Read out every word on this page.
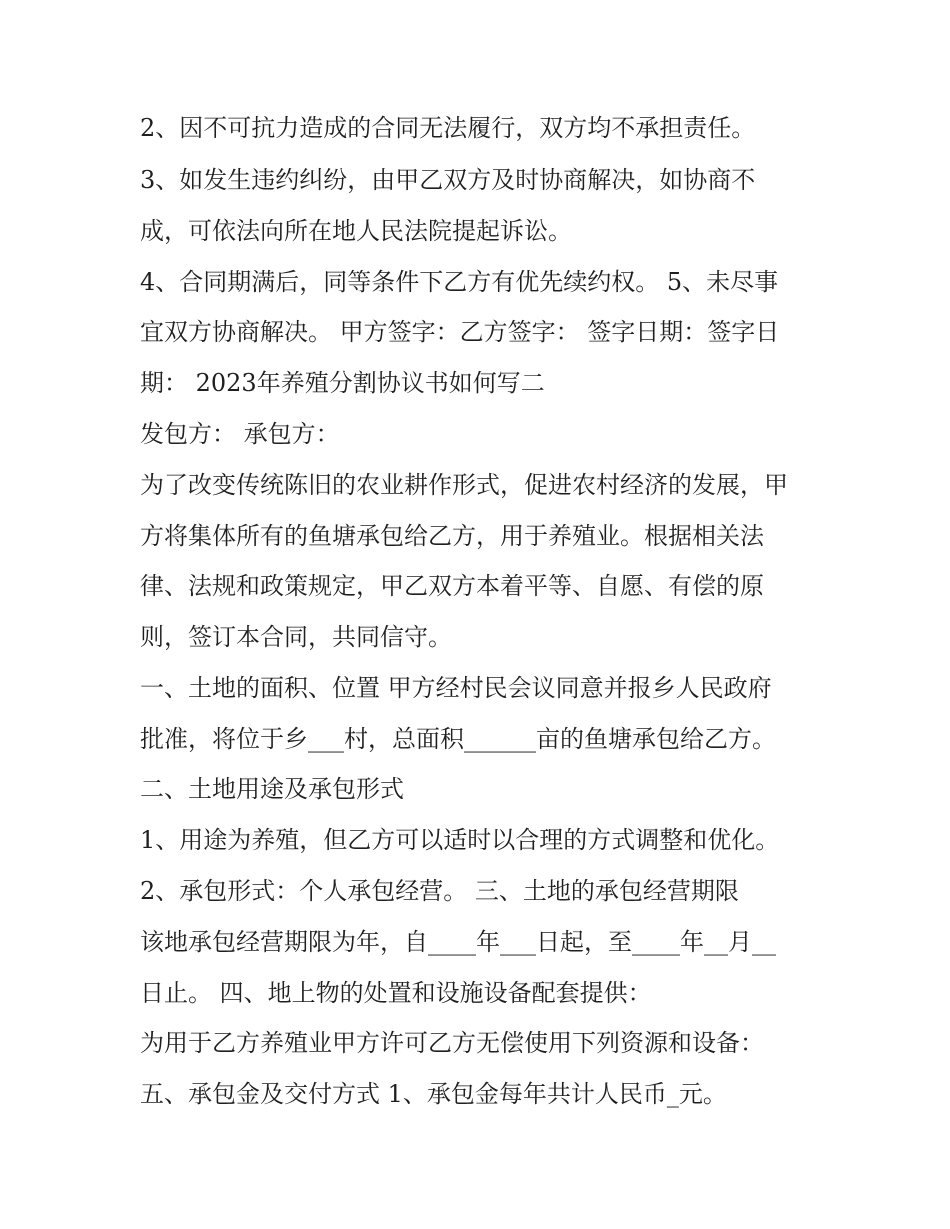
2、因不可抗力造成的合同无法履行，双方均不承担责任。
3、如发生违约纠纷，由甲乙双方及时协商解决，如协商不
成，可依法向所在地人民法院提起诉讼。
4、合同期满后，同等条件下乙方有优先续约权。 5、未尽事
宜双方协商解决。 甲方签字：乙方签字： 签字日期：签字日
期： 2023年养殖分割协议书如何写二
发包方： 承包方：
为了改变传统陈旧的农业耕作形式，促进农村经济的发展，甲
方将集体所有的鱼塘承包给乙方，用于养殖业。根据相关法
律、法规和政策规定，甲乙双方本着平等、自愿、有偿的原
则，签订本合同，共同信守。
一、土地的面积、位置 甲方经村民会议同意并报乡人民政府
批准，将位于乡___村，总面积______亩的鱼塘承包给乙方。
二、土地用途及承包形式
1、用途为养殖，但乙方可以适时以合理的方式调整和优化。
2、承包形式：个人承包经营。 三、土地的承包经营期限
该地承包经营期限为年，自____年___日起，至____年__月__
日止。 四、地上物的处置和设施设备配套提供：
为用于乙方养殖业甲方许可乙方无偿使用下列资源和设备：
五、承包金及交付方式 1、承包金每年共计人民币_元。
